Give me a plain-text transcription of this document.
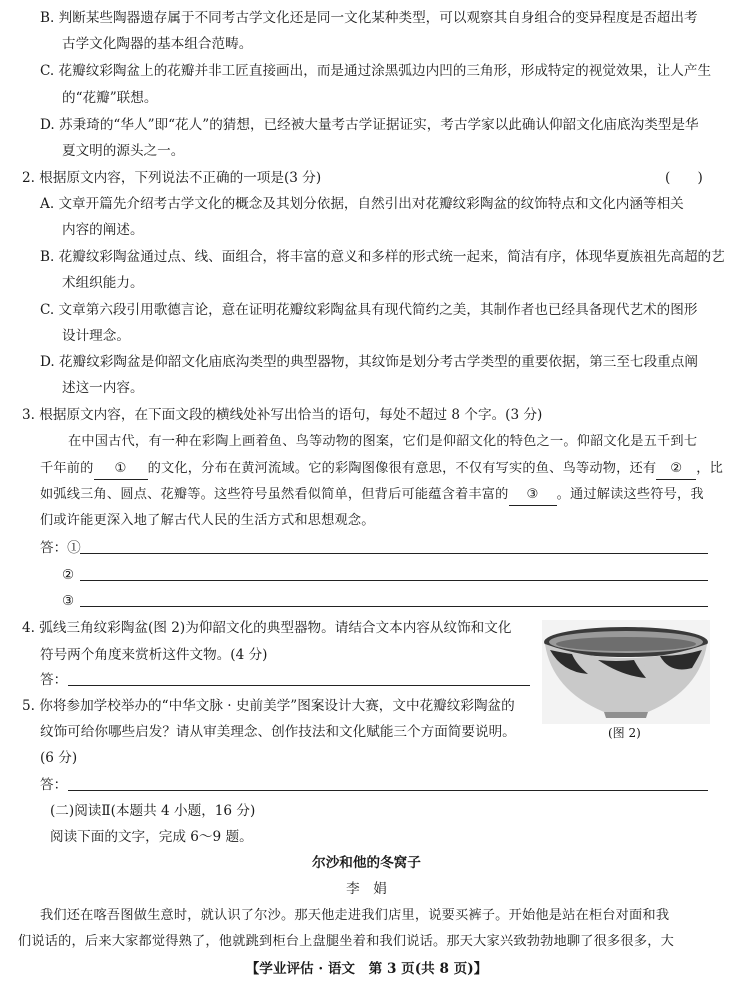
B. 判断某些陶器遗存属于不同考古学文化还是同一文化某种类型，可以观察其自身组合的变异程度是否超出考
古学文化陶器的基本组合范畴。
C. 花瓣纹彩陶盆上的花瓣并非工匠直接画出，而是通过涂黑弧边内凹的三角形，形成特定的视觉效果，让人产生
的“花瓣”联想。
D. 苏秉琦的“华人”即“花人”的猜想，已经被大量考古学证据证实，考古学家以此确认仰韶文化庙底沟类型是华
夏文明的源头之一。
2. 根据原文内容，下列说法不正确的一项是(3 分)	(　　)
A. 文章开篇先介绍考古学文化的概念及其划分依据，自然引出对花瓣纹彩陶盆的纹饰特点和文化内涵等相关
内容的阐述。
B. 花瓣纹彩陶盆通过点、线、面组合，将丰富的意义和多样的形式统一起来，简洁有序，体现华夏族祖先高超的艺
术组织能力。
C. 文章第六段引用歌德言论，意在证明花瓣纹彩陶盆具有现代简约之美，其制作者也已经具备现代艺术的图形
设计理念。
D. 花瓣纹彩陶盆是仰韶文化庙底沟类型的典型器物，其纹饰是划分考古学类型的重要依据，第三至七段重点阐
述这一内容。
3. 根据原文内容，在下面文段的横线处补写出恰当的语句，每处不超过 8 个字。(3 分)
在中国古代，有一种在彩陶上画着鱼、鸟等动物的图案，它们是仰韶文化的特色之一。仰韶文化是五千到七
千年前的 ① 的文化，分布在黄河流域。它的彩陶图像很有意思，不仅有写实的鱼、鸟等动物，还有 ② ，比
如弧线三角、圆点、花瓣等。这些符号虽然看似简单，但背后可能蕴含着丰富的 ③ 。通过解读这些符号，我
们或许能更深入地了解古代人民的生活方式和思想观念。
答：①
②
③
4. 弧线三角纹彩陶盆(图 2)为仰韶文化的典型器物。请结合文本内容从纹饰和文化
符号两个角度来赏析这件文物。(4 分)
答：
(图 2)
5. 你将参加学校举办的“中华文脉 · 史前美学”图案设计大赛，文中花瓣纹彩陶盆的
纹饰可给你哪些启发？请从审美理念、创作技法和文化赋能三个方面简要说明。
(6 分)
答：
(二)阅读Ⅱ(本题共 4 小题，16 分)
阅读下面的文字，完成 6～9 题。
尔沙和他的冬窝子
李　娟
我们还在喀吾图做生意时，就认识了尔沙。那天他走进我们店里，说要买裤子。开始他是站在柜台对面和我
们说话的，后来大家都觉得熟了，他就跳到柜台上盘腿坐着和我们说话。那天大家兴致勃勃地聊了很多很多，大
【学业评估 · 语文　第 3 页(共 8 页)】
